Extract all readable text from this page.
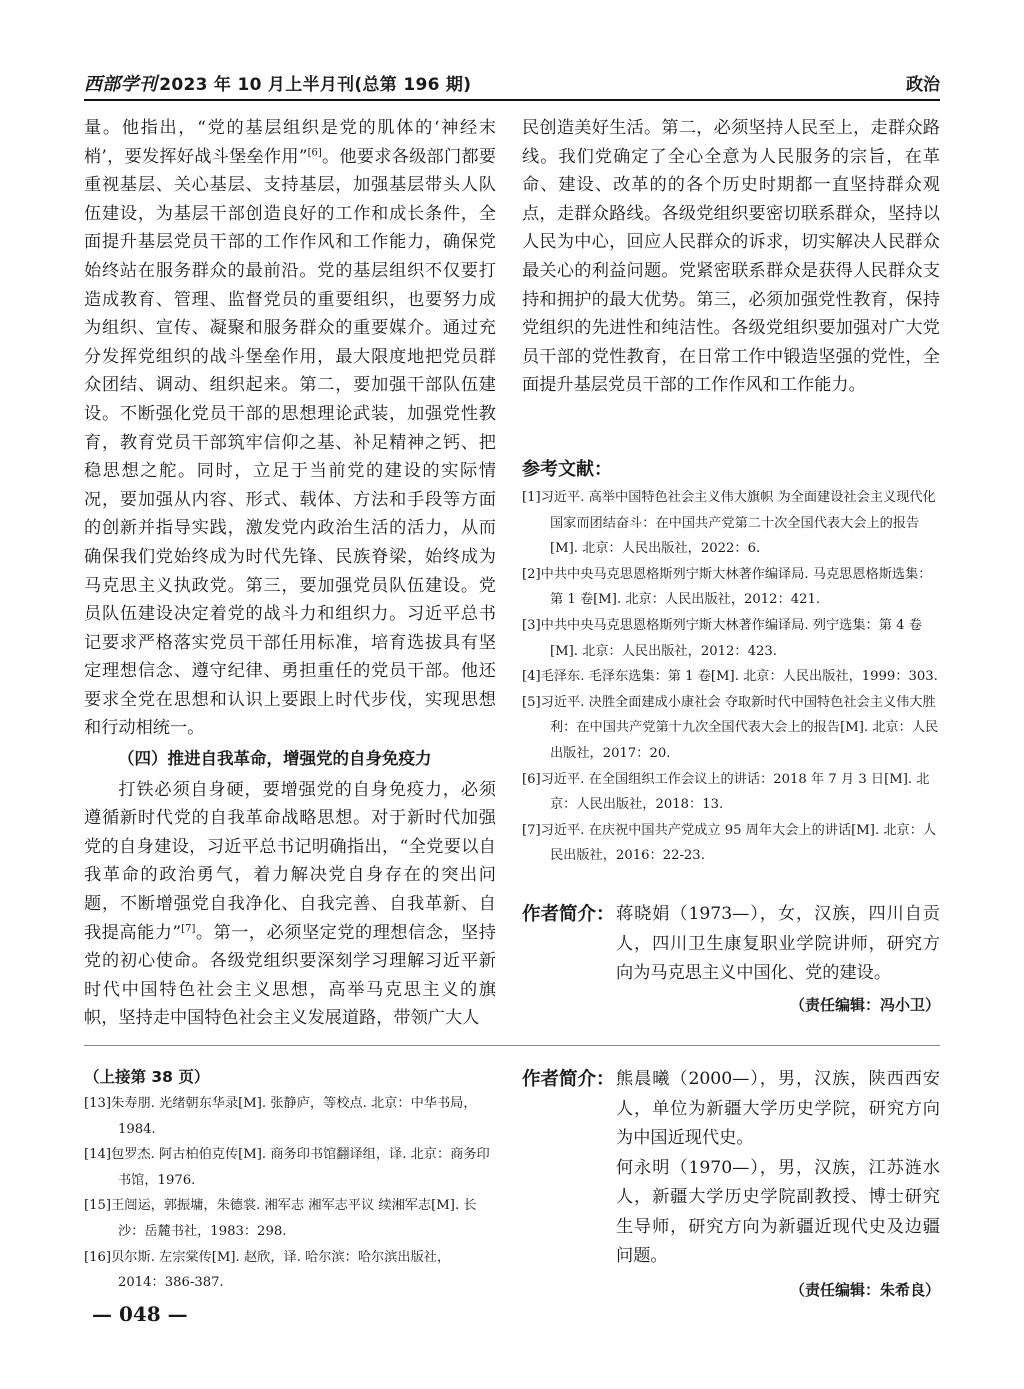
西部学刊 2023 年 10 月上半月刊(总第 196 期)	政治

量。他指出，“党的基层组织是党的肌体的‘神经末梢’，要发挥好战斗堡垒作用”[6]。他要求各级部门都要重视基层、关心基层、支持基层，加强基层带头人队伍建设，为基层干部创造良好的工作和成长条件，全面提升基层党员干部的工作作风和工作能力，确保党始终站在服务群众的最前沿。党的基层组织不仅要打造成教育、管理、监督党员的重要组织，也要努力成为组织、宣传、凝聚和服务群众的重要媒介。通过充分发挥党组织的战斗堡垒作用，最大限度地把党员群众团结、调动、组织起来。第二，要加强干部队伍建设。不断强化党员干部的思想理论武装，加强党性教育，教育党员干部筑牢信仰之基、补足精神之钙、把稳思想之舵。同时，立足于当前党的建设的实际情况，要加强从内容、形式、载体、方法和手段等方面的创新并指导实践，激发党内政治生活的活力，从而确保我们党始终成为时代先锋、民族脊梁，始终成为马克思主义执政党。第三，要加强党员队伍建设。党员队伍建设决定着党的战斗力和组织力。习近平总书记要求严格落实党员干部任用标准，培育选拔具有坚定理想信念、遵守纪律、勇担重任的党员干部。他还要求全党在思想和认识上要跟上时代步伐，实现思想和行动相统一。

（四）推进自我革命，增强党的自身免疫力

打铁必须自身硬，要增强党的自身免疫力，必须遵循新时代党的自我革命战略思想。对于新时代加强党的自身建设，习近平总书记明确指出，“全党要以自我革命的政治勇气，着力解决党自身存在的突出问题，不断增强党自我净化、自我完善、自我革新、自我提高能力”[7]。第一，必须坚定党的理想信念，坚持党的初心使命。各级党组织要深刻学习理解习近平新时代中国特色社会主义思想，高举马克思主义的旗帜，坚持走中国特色社会主义发展道路，带领广大人

民创造美好生活。第二，必须坚持人民至上，走群众路线。我们党确定了全心全意为人民服务的宗旨，在革命、建设、改革的的各个历史时期都一直坚持群众观点，走群众路线。各级党组织要密切联系群众，坚持以人民为中心，回应人民群众的诉求，切实解决人民群众最关心的利益问题。党紧密联系群众是获得人民群众支持和拥护的最大优势。第三，必须加强党性教育，保持党组织的先进性和纯洁性。各级党组织要加强对广大党员干部的党性教育，在日常工作中锻造坚强的党性，全面提升基层党员干部的工作作风和工作能力。

参考文献：
[1]习近平. 高举中国特色社会主义伟大旗帜 为全面建设社会主义现代化国家而团结奋斗：在中国共产党第二十次全国代表大会上的报告[M]. 北京：人民出版社，2022：6.
[2]中共中央马克思恩格斯列宁斯大林著作编译局. 马克思恩格斯选集：第 1 卷[M]. 北京：人民出版社，2012：421.
[3]中共中央马克思恩格斯列宁斯大林著作编译局. 列宁选集：第 4 卷[M]. 北京：人民出版社，2012：423.
[4]毛泽东. 毛泽东选集：第 1 卷[M]. 北京：人民出版社，1999：303.
[5]习近平. 决胜全面建成小康社会 夺取新时代中国特色社会主义伟大胜利：在中国共产党第十九次全国代表大会上的报告[M]. 北京：人民出版社，2017：20.
[6]习近平. 在全国组织工作会议上的讲话：2018 年 7 月 3 日[M]. 北京：人民出版社，2018：13.
[7]习近平. 在庆祝中国共产党成立 95 周年大会上的讲话[M]. 北京：人民出版社，2016：22-23.
作者简介： 蒋晓娟（1973—），女，汉族，四川自贡人，四川卫生康复职业学院讲师，研究方向为马克思主义中国化、党的建设。
（责任编辑：冯小卫）
（上接第 38 页）
[13]朱寿朋. 光绪朝东华录[M]. 张静庐，等校点. 北京：中华书局，1984.
[14]包罗杰. 阿古柏伯克传[M]. 商务印书馆翻译组，译. 北京：商务印书馆，1976.
[15]王闿运，郭振墉，朱德裳. 湘军志 湘军志平议 续湘军志[M]. 长沙：岳麓书社，1983：298.
[16]贝尔斯. 左宗棠传[M]. 赵欣，译. 哈尔滨：哈尔滨出版社，2014：386-387.
作者简介： 熊晨曦（2000—），男，汉族，陕西西安人，单位为新疆大学历史学院，研究方向为中国近现代史。
何永明（1970—），男，汉族，江苏涟水人，新疆大学历史学院副教授、博士研究生导师，研究方向为新疆近现代史及边疆问题。
（责任编辑：朱希良）
— 048 —
